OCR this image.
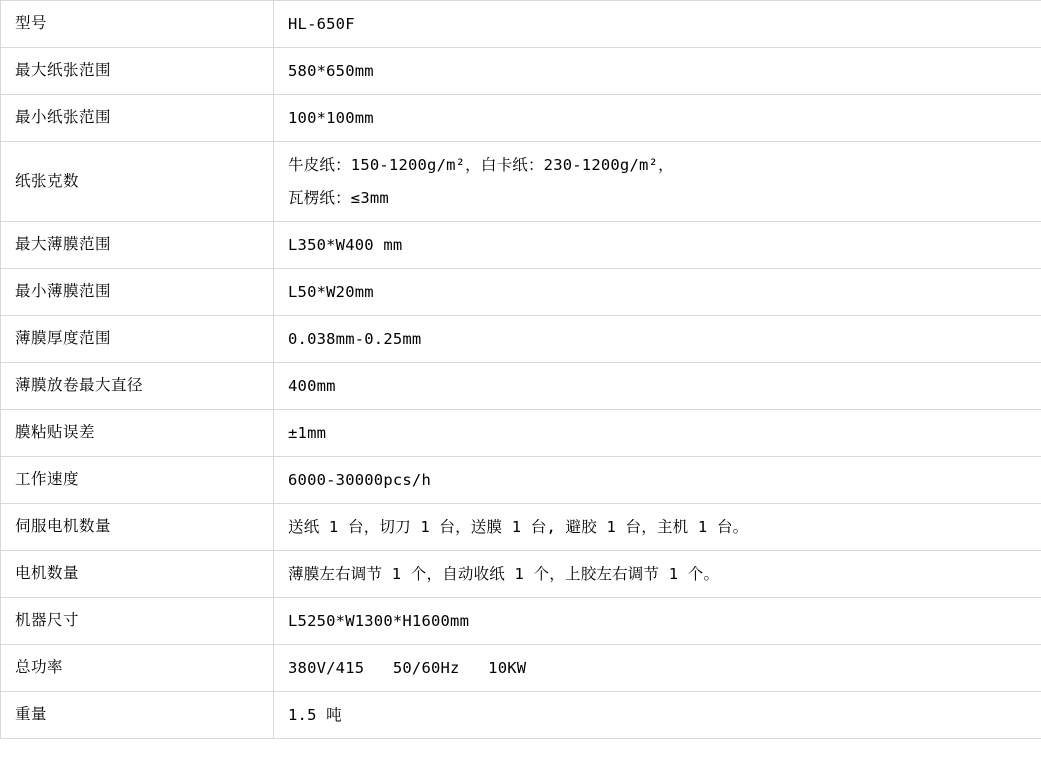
型号	HL-650F

最大纸张范围	580*650mm

最小纸张范围	100*100mm

纸张克数	牛皮纸：150-1200g/m²，白卡纸：230-1200g/m²，
瓦楞纸：≤3mm

最大薄膜范围	L350*W400 mm

最小薄膜范围	L50*W20mm

薄膜厚度范围	0.038mm-0.25mm

薄膜放卷最大直径	400mm

膜粘贴误差	±1mm

工作速度	6000-30000pcs/h

伺服电机数量	送纸 1 台，切刀 1 台，送膜 1 台, 避胶 1 台，主机 1 台。

电机数量	薄膜左右调节 1 个，自动收纸 1 个，上胶左右调节 1 个。

机器尺寸	L5250*W1300*H1600mm

总功率	380V/415   50/60Hz   10KW

重量	1.5 吨
